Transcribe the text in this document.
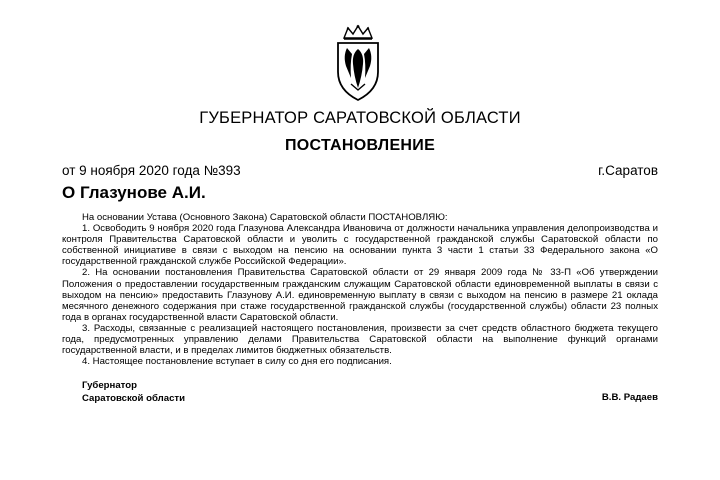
ГУБЕРНАТОР САРАТОВСКОЙ ОБЛАСТИ
ПОСТАНОВЛЕНИЕ
от 9 ноября 2020 года №393	г.Саратов
О Глазунове А.И.

На основании Устава (Основного Закона) Саратовской области ПОСТАНОВЛЯЮ:

1. Освободить 9 ноября 2020 года Глазунова Александра Ивановича от должности начальника управления делопроизводства и контроля Правительства Саратовской области и уволить с государственной гражданской службы Саратовской области по собственной инициативе в связи с выходом на пенсию на основании пункта 3 части 1 статьи 33 Федерального закона «О государственной гражданской службе Российской Федерации».

2. На основании постановления Правительства Саратовской области от 29 января 2009 года № 33-П «Об утверждении Положения о предоставлении государственным гражданским служащим Саратовской области единовременной выплаты в связи с выходом на пенсию» предоставить Глазунову А.И. единовременную выплату в связи с выходом на пенсию в размере 21 оклада месячного денежного содержания при стаже государственной гражданской службы (государственной службы) области 23 полных года в органах государственной власти Саратовской области.

3. Расходы, связанные с реализацией настоящего постановления, произвести за счет средств областного бюджета текущего года, предусмотренных управлению делами Правительства Саратовской области на выполнение функций органами государственной власти, и в пределах лимитов бюджетных обязательств.

4. Настоящее постановление вступает в силу со дня его подписания.

Губернатор
Саратовской области	В.В. Радаев
